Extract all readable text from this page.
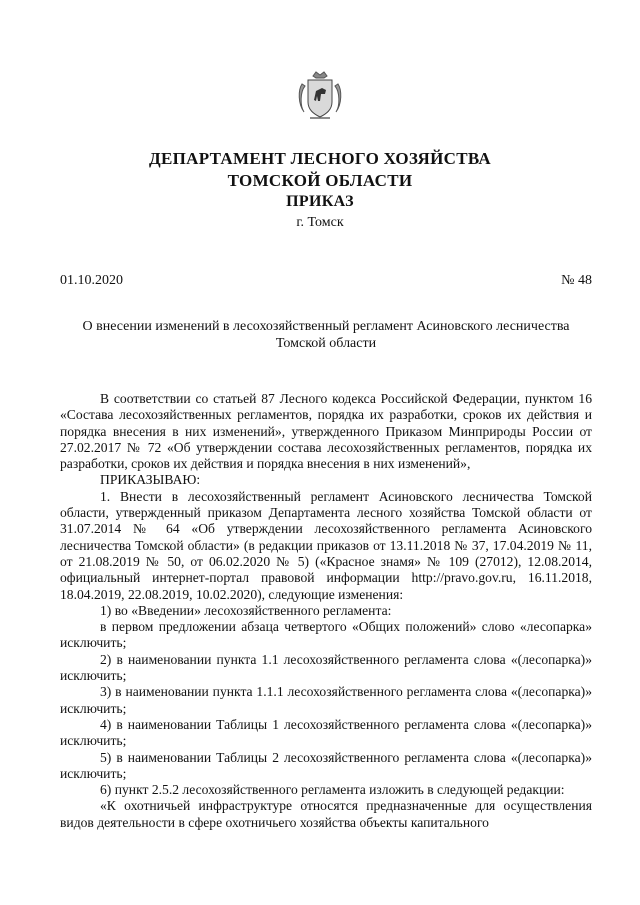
ДЕПАРТАМЕНТ ЛЕСНОГО ХОЗЯЙСТВА
ТОМСКОЙ ОБЛАСТИ
ПРИКАЗ
г. Томск
01.10.2020	№ 48
О внесении изменений в лесохозяйственный регламент Асиновского лесничества
Томской области

В соответствии со статьей 87 Лесного кодекса Российской Федерации, пунктом 16 «Состава лесохозяйственных регламентов, порядка их разработки, сроков их действия и порядка внесения в них изменений», утвержденного Приказом Минприроды России от 27.02.2017 № 72 «Об утверждении состава лесохозяйственных регламентов, порядка их разработки, сроков их действия и порядка внесения в них изменений»,

ПРИКАЗЫВАЮ:

1. Внести в лесохозяйственный регламент Асиновского лесничества Томской области, утвержденный приказом Департамента лесного хозяйства Томской области от 31.07.2014 № 64 «Об утверждении лесохозяйственного регламента Асиновского лесничества Томской области» (в редакции приказов от 13.11.2018 № 37, 17.04.2019 № 11, от 21.08.2019 № 50, от 06.02.2020 № 5) («Красное знамя» № 109 (27012), 12.08.2014, официальный интернет-портал правовой информации http://pravo.gov.ru, 16.11.2018, 18.04.2019, 22.08.2019, 10.02.2020), следующие изменения:

1) во «Введении» лесохозяйственного регламента:

в первом предложении абзаца четвертого «Общих положений» слово «лесопарка» исключить;

2) в наименовании пункта 1.1 лесохозяйственного регламента слова «(лесопарка)» исключить;

3) в наименовании пункта 1.1.1 лесохозяйственного регламента слова «(лесопарка)» исключить;

4) в наименовании Таблицы 1 лесохозяйственного регламента слова «(лесопарка)» исключить;

5) в наименовании Таблицы 2 лесохозяйственного регламента слова «(лесопарка)» исключить;

6) пункт 2.5.2 лесохозяйственного регламента изложить в следующей редакции:

«К охотничьей инфраструктуре относятся предназначенные для осуществления видов деятельности в сфере охотничьего хозяйства объекты капитального
